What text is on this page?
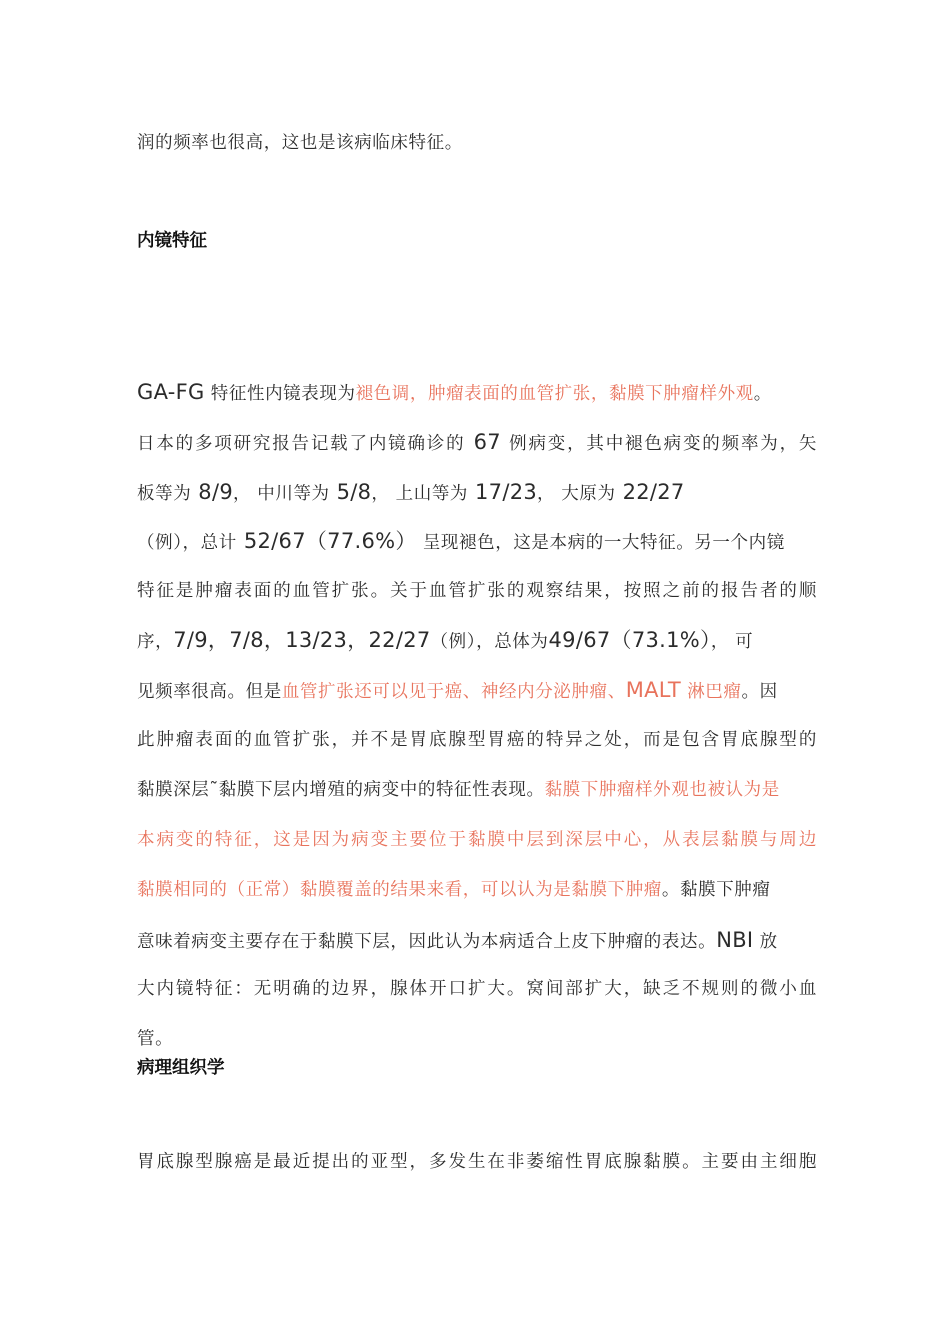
润的频率也很高，这也是该病临床特征。
内镜特征
GA-FG 特征性内镜表现为褪色调，肿瘤表面的血管扩张，黏膜下肿瘤样外观。
日本的多项研究报告记载了内镜确诊的 67 例病变，其中褪色病变的频率为，矢
板等为 8/9， 中川等为 5/8， 上山等为 17/23， 大原为 22/27
（例），总计 52/67（77.6%） 呈现褪色，这是本病的一大特征。另一个内镜
特征是肿瘤表面的血管扩张。关于血管扩张的观察结果，按照之前的报告者的顺
序，7/9，7/8，13/23，22/27（例），总体为49/67（73.1%）， 可
见频率很高。但是血管扩张还可以见于癌、神经内分泌肿瘤、MALT 淋巴瘤。因
此肿瘤表面的血管扩张，并不是胃底腺型胃癌的特异之处，而是包含胃底腺型的
黏膜深层˜黏膜下层内增殖的病变中的特征性表现。黏膜下肿瘤样外观也被认为是
本病变的特征，这是因为病变主要位于黏膜中层到深层中心，从表层黏膜与周边
黏膜相同的（正常）黏膜覆盖的结果来看，可以认为是黏膜下肿瘤。黏膜下肿瘤
意味着病变主要存在于黏膜下层，因此认为本病适合上皮下肿瘤的表达。NBI 放
大内镜特征：无明确的边界，腺体开口扩大。窝间部扩大，缺乏不规则的微小血
管。
病理组织学
胃底腺型腺癌是最近提出的亚型，多发生在非萎缩性胃底腺黏膜。主要由主细胞
